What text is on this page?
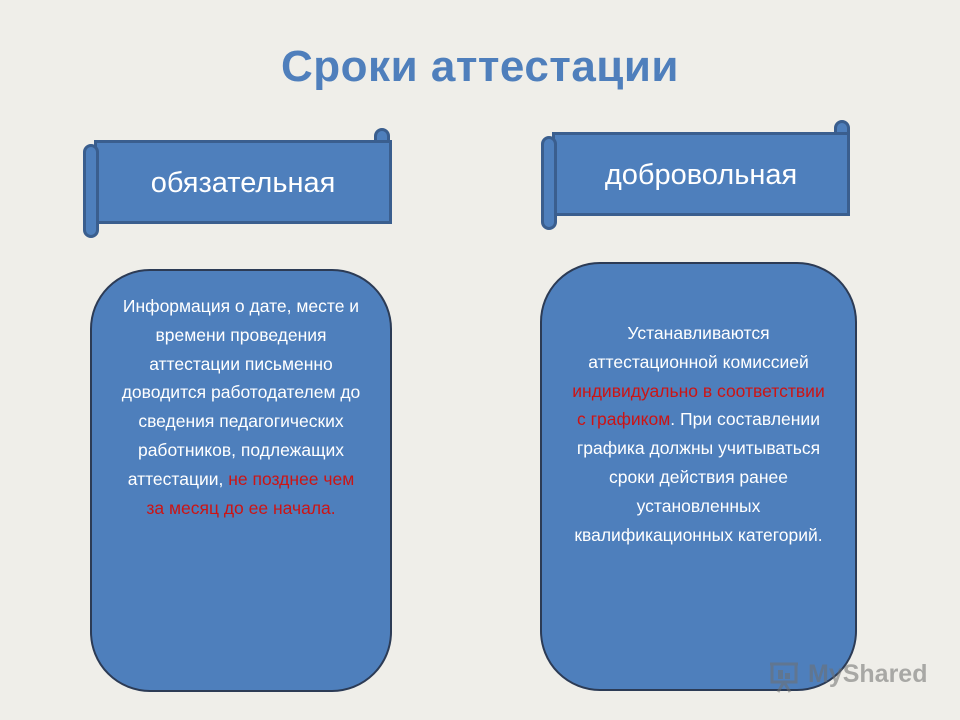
Сроки аттестации
обязательная	добровольная
Информация о дате, месте и времени проведения аттестации письменно доводится работодателем до сведения педагогических работников, подлежащих аттестации, не позднее чем за месяц до ее начала.
Устанавливаются аттестационной комиссией индивидуально в соответствии с графиком. При составлении графика должны учитываться сроки действия ранее установленных квалификационных категорий.
MyShared
